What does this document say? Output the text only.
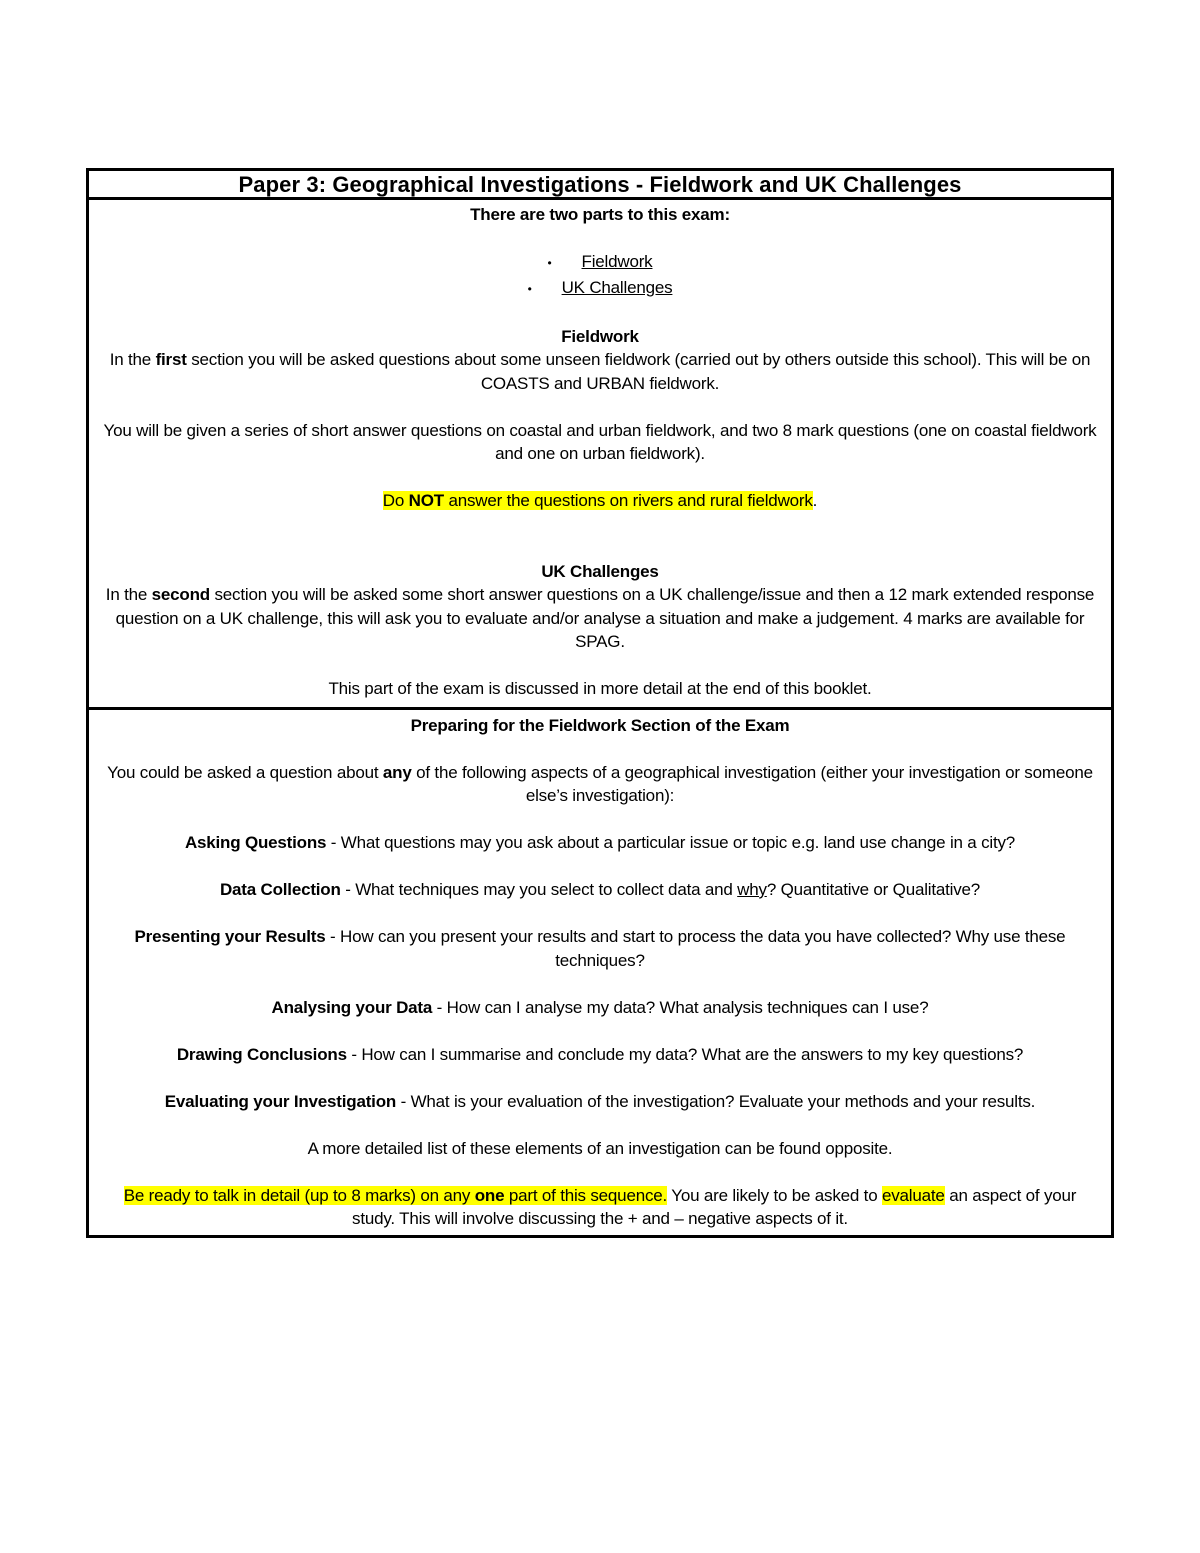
Paper 3: Geographical Investigations - Fieldwork and UK Challenges

There are two parts to this exam:

• Fieldwork
• UK Challenges

Fieldwork

In the first section you will be asked questions about some unseen fieldwork (carried out by others outside this school). This will be on COASTS and URBAN fieldwork.

You will be given a series of short answer questions on coastal and urban fieldwork, and two 8 mark questions (one on coastal fieldwork and one on urban fieldwork).

Do NOT answer the questions on rivers and rural fieldwork.

UK Challenges

In the second section you will be asked some short answer questions on a UK challenge/issue and then a 12 mark extended response question on a UK challenge, this will ask you to evaluate and/or analyse a situation and make a judgement. 4 marks are available for SPAG.

This part of the exam is discussed in more detail at the end of this booklet.

Preparing for the Fieldwork Section of the Exam

You could be asked a question about any of the following aspects of a geographical investigation (either your investigation or someone else’s investigation):

Asking Questions - What questions may you ask about a particular issue or topic e.g. land use change in a city?

Data Collection - What techniques may you select to collect data and why? Quantitative or Qualitative?

Presenting your Results - How can you present your results and start to process the data you have collected? Why use these techniques?

Analysing your Data - How can I analyse my data? What analysis techniques can I use?

Drawing Conclusions - How can I summarise and conclude my data? What are the answers to my key questions?

Evaluating your Investigation - What is your evaluation of the investigation? Evaluate your methods and your results.

A more detailed list of these elements of an investigation can be found opposite.

Be ready to talk in detail (up to 8 marks) on any one part of this sequence. You are likely to be asked to evaluate an aspect of your study. This will involve discussing the + and – negative aspects of it.
